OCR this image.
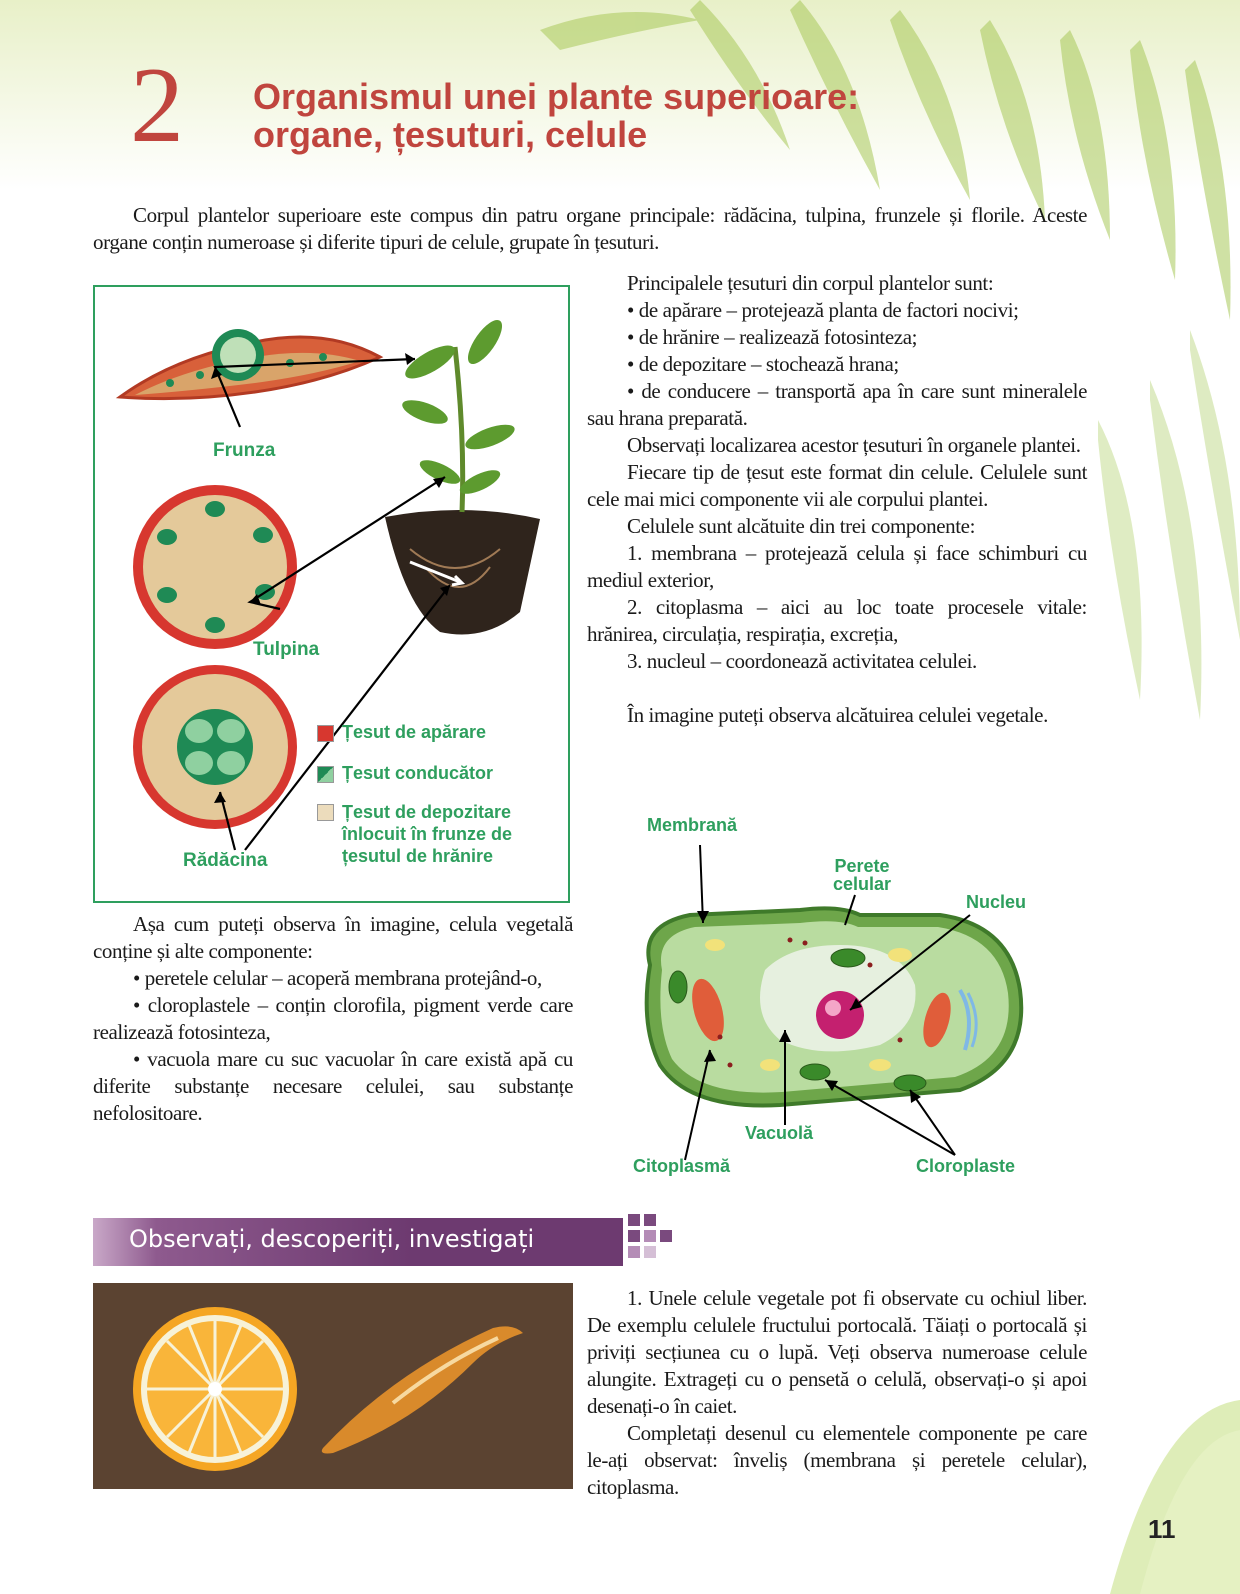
2 Organismul unei plante superioare:
organe, țesuturi, celule

Corpul plantelor superioare este compus din patru organe principale: rădăcina, tulpina, frunzele și florile. Aceste organe conțin numeroase și diferite tipuri de celule, grupate în țesuturi.

Frunza
Tulpina
Rădăcina
Țesut de apărare
Țesut conducător
Țesut de depozitare înlocuit în frunze de țesutul de hrănire

Principalele țesuturi din corpul plantelor sunt:

• de apărare – protejează planta de factori nocivi;

• de hrănire – realizează fotosinteza;

• de depozitare – stochează hrana;

• de conducere – transportă apa în care sunt mineralele sau hrana preparată.

Observați localizarea acestor țesuturi în organele plantei.

Fiecare tip de țesut este format din celule. Celulele sunt cele mai mici componente vii ale corpului plantei.

Celulele sunt alcătuite din trei componente:

1. membrana – protejează celula și face schimburi cu mediul exterior,

2. citoplasma – aici au loc toate procesele vitale: hrănirea, circulația, respirația, excreția,

3. nucleul – coordonează activitatea celulei.

În imagine puteți observa alcătuirea celulei vegetale.

Membrană
Perete celular
Nucleu
Vacuolă
Citoplasmă	Cloroplaste

Așa cum puteți observa în imagine, celula vegetală conține și alte componente:

• peretele celular – acoperă membrana protejând-o,

• cloroplastele – conțin clorofila, pigment verde care realizează fotosinteza,

• vacuola mare cu suc vacuolar în care există apă cu diferite substanțe necesare celulei, sau substanțe nefolositoare.

Observați, descoperiți, investigați

1. Unele celule vegetale pot fi observate cu ochiul liber. De exemplu celulele fructului portocală. Tăiați o portocală și priviți secțiunea cu o lupă. Veți observa numeroase celule alungite. Extrageți cu o pensetă o celulă, observați-o și apoi desenați-o în caiet.

Completați desenul cu elementele componente pe care le-ați observat: înveliș (membrana și peretele celular), citoplasma.

11
